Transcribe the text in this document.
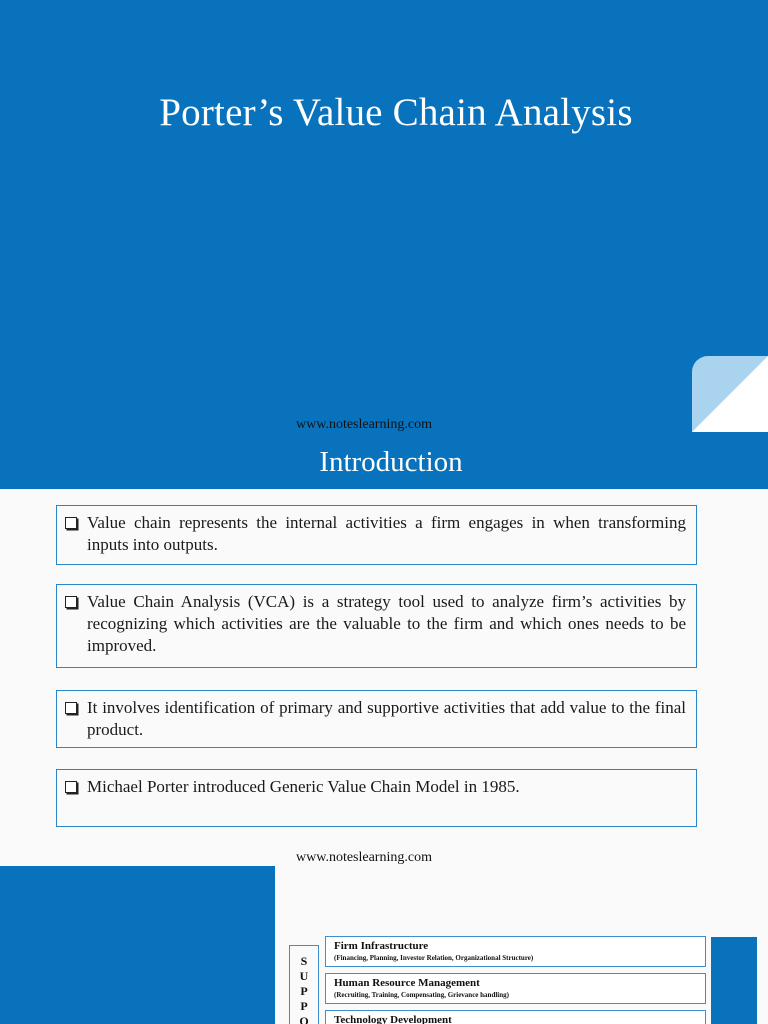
Porter’s Value Chain Analysis
Introduction
Value chain represents the internal activities a firm engages in when transforming inputs into outputs.
Value Chain Analysis (VCA) is a strategy tool used to analyze firm’s activities by recognizing which activities are the valuable to the firm and which ones needs to be improved.
It involves identification of primary and supportive activities that add value to the final product.
Michael Porter introduced Generic Value Chain Model in 1985.
www.noteslearning.com
www.noteslearning.com
S
U
P
P
O
Firm Infrastructure
(Financing, Planning, Investor Relation, Organizational Structure)
Human Resource Management
(Recruiting, Training, Compensating, Grievance handling)
Technology Development
